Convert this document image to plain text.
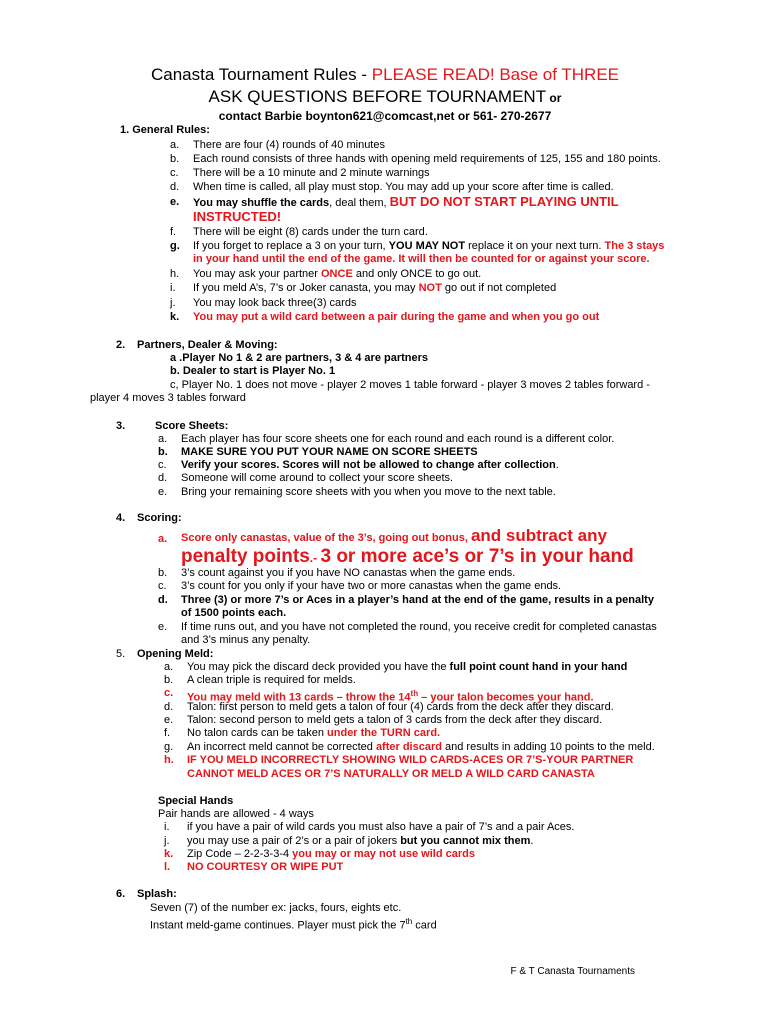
Canasta Tournament Rules - PLEASE READ! Base of THREE
ASK QUESTIONS BEFORE TOURNAMENT or
contact Barbie boynton621@comcast,net or 561- 270-2677
1. General Rules:
a. There are four (4) rounds of 40 minutes
b. Each round consists of three hands with opening meld requirements of 125, 155 and 180 points.
c. There will be a 10 minute and 2 minute warnings
d. When time is called, all play must stop. You may add up your score after time is called.
e. You may shuffle the cards, deal them, BUT DO NOT START PLAYING UNTIL
INSTRUCTED!
f. There will be eight (8) cards under the turn card.
g. If you forget to replace a 3 on your turn, YOU MAY NOT replace it on your next turn. The 3 stays
in your hand until the end of the game. It will then be counted for or against your score.
h. You may ask your partner ONCE and only ONCE to go out.
i. If you meld A’s, 7’s or Joker canasta, you may NOT go out if not completed
j. You may look back three(3) cards
k. You may put a wild card between a pair during the game and when you go out
2. Partners, Dealer & Moving:
a .Player No 1 & 2 are partners, 3 & 4 are partners
b. Dealer to start is Player No. 1
c, Player No. 1 does not move - player 2 moves 1 table forward - player 3 moves 2 tables forward -
player 4 moves 3 tables forward
3.	Score Sheets:
a. Each player has four score sheets one for each round and each round is a different color.
b. MAKE SURE YOU PUT YOUR NAME ON SCORE SHEETS
c. Verify your scores. Scores will not be allowed to change after collection.
d. Someone will come around to collect your score sheets.
e. Bring your remaining score sheets with you when you move to the next table.
4. Scoring:
a. Score only canastas, value of the 3’s, going out bonus, and subtract any
penalty points.- 3 or more ace’s or 7’s in your hand
b. 3’s count against you if you have NO canastas when the game ends.
c. 3’s count for you only if your have two or more canastas when the game ends.
d. Three (3) or more 7’s or Aces in a player’s hand at the end of the game, results in a penalty
of 1500 points each.
e. If time runs out, and you have not completed the round, you receive credit for completed canastas
and 3’s minus any penalty.
5. Opening Meld:
a. You may pick the discard deck provided you have the full point count hand in your hand
b. A clean triple is required for melds.
c. You may meld with 13 cards – throw the 14th – your talon becomes your hand.
d. Talon: first person to meld gets a talon of four (4) cards from the deck after they discard.
e. Talon: second person to meld gets a talon of 3 cards from the deck after they discard.
f. No talon cards can be taken under the TURN card.
g. An incorrect meld cannot be corrected after discard and results in adding 10 points to the meld.
h. IF YOU MELD INCORRECTLY SHOWING WILD CARDS-ACES OR 7’S-YOUR PARTNER
CANNOT MELD ACES OR 7’S NATURALLY OR MELD A WILD CARD CANASTA
Special Hands
Pair hands are allowed - 4 ways
i. if you have a pair of wild cards you must also have a pair of 7’s and a pair Aces.
j. you may use a pair of 2’s or a pair of jokers but you cannot mix them.
k. Zip Code – 2-2-3-3-4 you may or may not use wild cards
l. NO COURTESY OR WIPE PUT
6. Splash:
Seven (7) of the number ex: jacks, fours, eights etc.
Instant meld-game continues. Player must pick the 7th card
F & T Canasta Tournaments
